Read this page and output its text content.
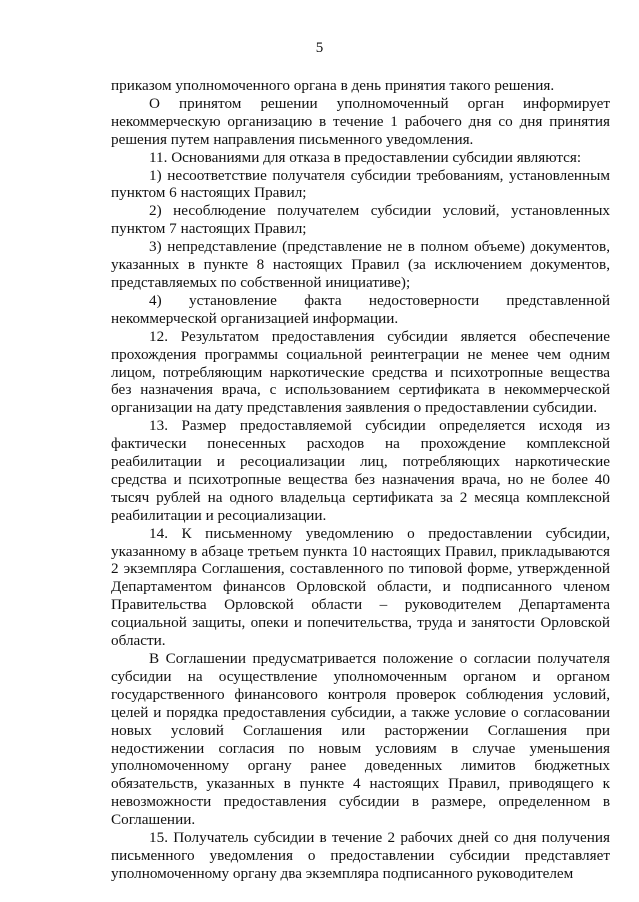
5

приказом уполномоченного органа в день принятия такого решения.

О принятом решении уполномоченный орган информирует некоммерческую организацию в течение 1 рабочего дня со дня принятия решения путем направления письменного уведомления.

11. Основаниями для отказа в предоставлении субсидии являются:

1) несоответствие получателя субсидии требованиям, установленным пунктом 6 настоящих Правил;

2) несоблюдение получателем субсидии условий, установленных пунктом 7 настоящих Правил;

3) непредставление (представление не в полном объеме) документов, указанных в пункте 8 настоящих Правил (за исключением документов, представляемых по собственной инициативе);

4) установление факта недостоверности представленной некоммерческой организацией информации.

12. Результатом предоставления субсидии является обеспечение прохождения программы социальной реинтеграции не менее чем одним лицом, потребляющим наркотические средства и психотропные вещества без назначения врача, с использованием сертификата в некоммерческой организации на дату представления заявления о предоставлении субсидии.

13. Размер предоставляемой субсидии определяется исходя из фактически понесенных расходов на прохождение комплексной реабилитации и ресоциализации лиц, потребляющих наркотические средства и психотропные вещества без назначения врача, но не более 40 тысяч рублей на одного владельца сертификата за 2 месяца комплексной реабилитации и ресоциализации.

14. К письменному уведомлению о предоставлении субсидии, указанному в абзаце третьем пункта 10 настоящих Правил, прикладываются 2 экземпляра Соглашения, составленного по типовой форме, утвержденной Департаментом финансов Орловской области, и подписанного членом Правительства Орловской области – руководителем Департамента социальной защиты, опеки и попечительства, труда и занятости Орловской области.

В Соглашении предусматривается положение о согласии получателя субсидии на осуществление уполномоченным органом и органом государственного финансового контроля проверок соблюдения условий, целей и порядка предоставления субсидии, а также условие о согласовании новых условий Соглашения или расторжении Соглашения при недостижении согласия по новым условиям в случае уменьшения уполномоченному органу ранее доведенных лимитов бюджетных обязательств, указанных в пункте 4 настоящих Правил, приводящего к невозможности предоставления субсидии в размере, определенном в Соглашении.

15. Получатель субсидии в течение 2 рабочих дней со дня получения письменного уведомления о предоставлении субсидии представляет уполномоченному органу два экземпляра подписанного руководителем
